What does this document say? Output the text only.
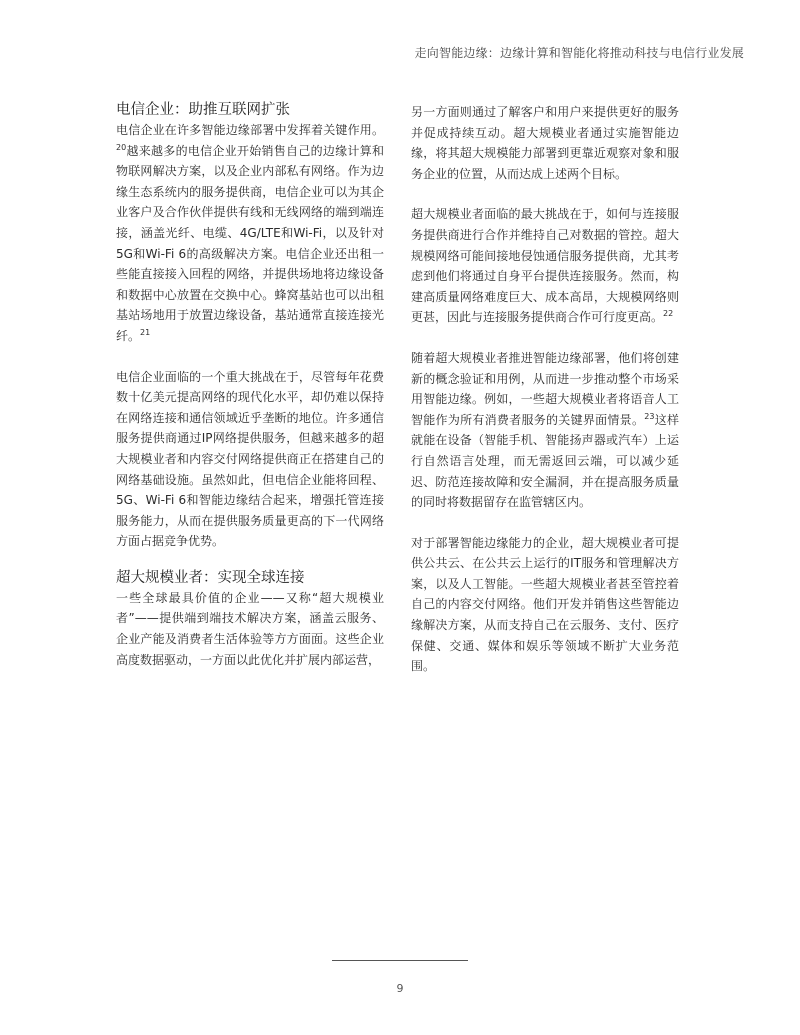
走向智能边缘：边缘计算和智能化将推动科技与电信行业发展
电信企业：助推互联网扩张

电信企业在许多智能边缘部署中发挥着关键作用。$^{20}$越来越多的电信企业开始销售自己的边缘计算和物联网解决方案，以及企业内部私有网络。作为边缘生态系统内的服务提供商，电信企业可以为其企业客户及合作伙伴提供有线和无线网络的端到端连接，涵盖光纤、电缆、4G/LTE和Wi-Fi，以及针对5G和Wi-Fi 6的高级解决方案。电信企业还出租一些能直接接入回程的网络，并提供场地将边缘设备和数据中心放置在交换中心。蜂窝基站也可以出租基站场地用于放置边缘设备，基站通常直接连接光纤。$^{21}$

电信企业面临的一个重大挑战在于，尽管每年花费数十亿美元提高网络的现代化水平，却仍难以保持在网络连接和通信领域近乎垄断的地位。许多通信服务提供商通过IP网络提供服务，但越来越多的超大规模业者和内容交付网络提供商正在搭建自己的网络基础设施。虽然如此，但电信企业能将回程、5G、Wi-Fi 6和智能边缘结合起来，增强托管连接服务能力，从而在提供服务质量更高的下一代网络方面占据竞争优势。

超大规模业者：实现全球连接

一些全球最具价值的企业——又称“超大规模业者”——提供端到端技术解决方案，涵盖云服务、企业产能及消费者生活体验等方方面面。这些企业高度数据驱动，一方面以此优化并扩展内部运营，

另一方面则通过了解客户和用户来提供更好的服务并促成持续互动。超大规模业者通过实施智能边缘，将其超大规模能力部署到更靠近观察对象和服务企业的位置，从而达成上述两个目标。

超大规模业者面临的最大挑战在于，如何与连接服务提供商进行合作并维持自己对数据的管控。超大规模网络可能间接地侵蚀通信服务提供商，尤其考虑到他们将通过自身平台提供连接服务。然而，构建高质量网络难度巨大、成本高昂，大规模网络则更甚，因此与连接服务提供商合作可行度更高。$^{22}$

随着超大规模业者推进智能边缘部署，他们将创建新的概念验证和用例，从而进一步推动整个市场采用智能边缘。例如，一些超大规模业者将语音人工智能作为所有消费者服务的关键界面情景。$^{23}$这样就能在设备（智能手机、智能扬声器或汽车）上运行自然语言处理，而无需返回云端，可以减少延迟、防范连接故障和安全漏洞，并在提高服务质量的同时将数据留存在监管辖区内。

对于部署智能边缘能力的企业，超大规模业者可提供公共云、在公共云上运行的IT服务和管理解决方案，以及人工智能。一些超大规模业者甚至管控着自己的内容交付网络。他们开发并销售这些智能边缘解决方案，从而支持自己在云服务、支付、医疗保健、交通、媒体和娱乐等领域不断扩大业务范围。

9
